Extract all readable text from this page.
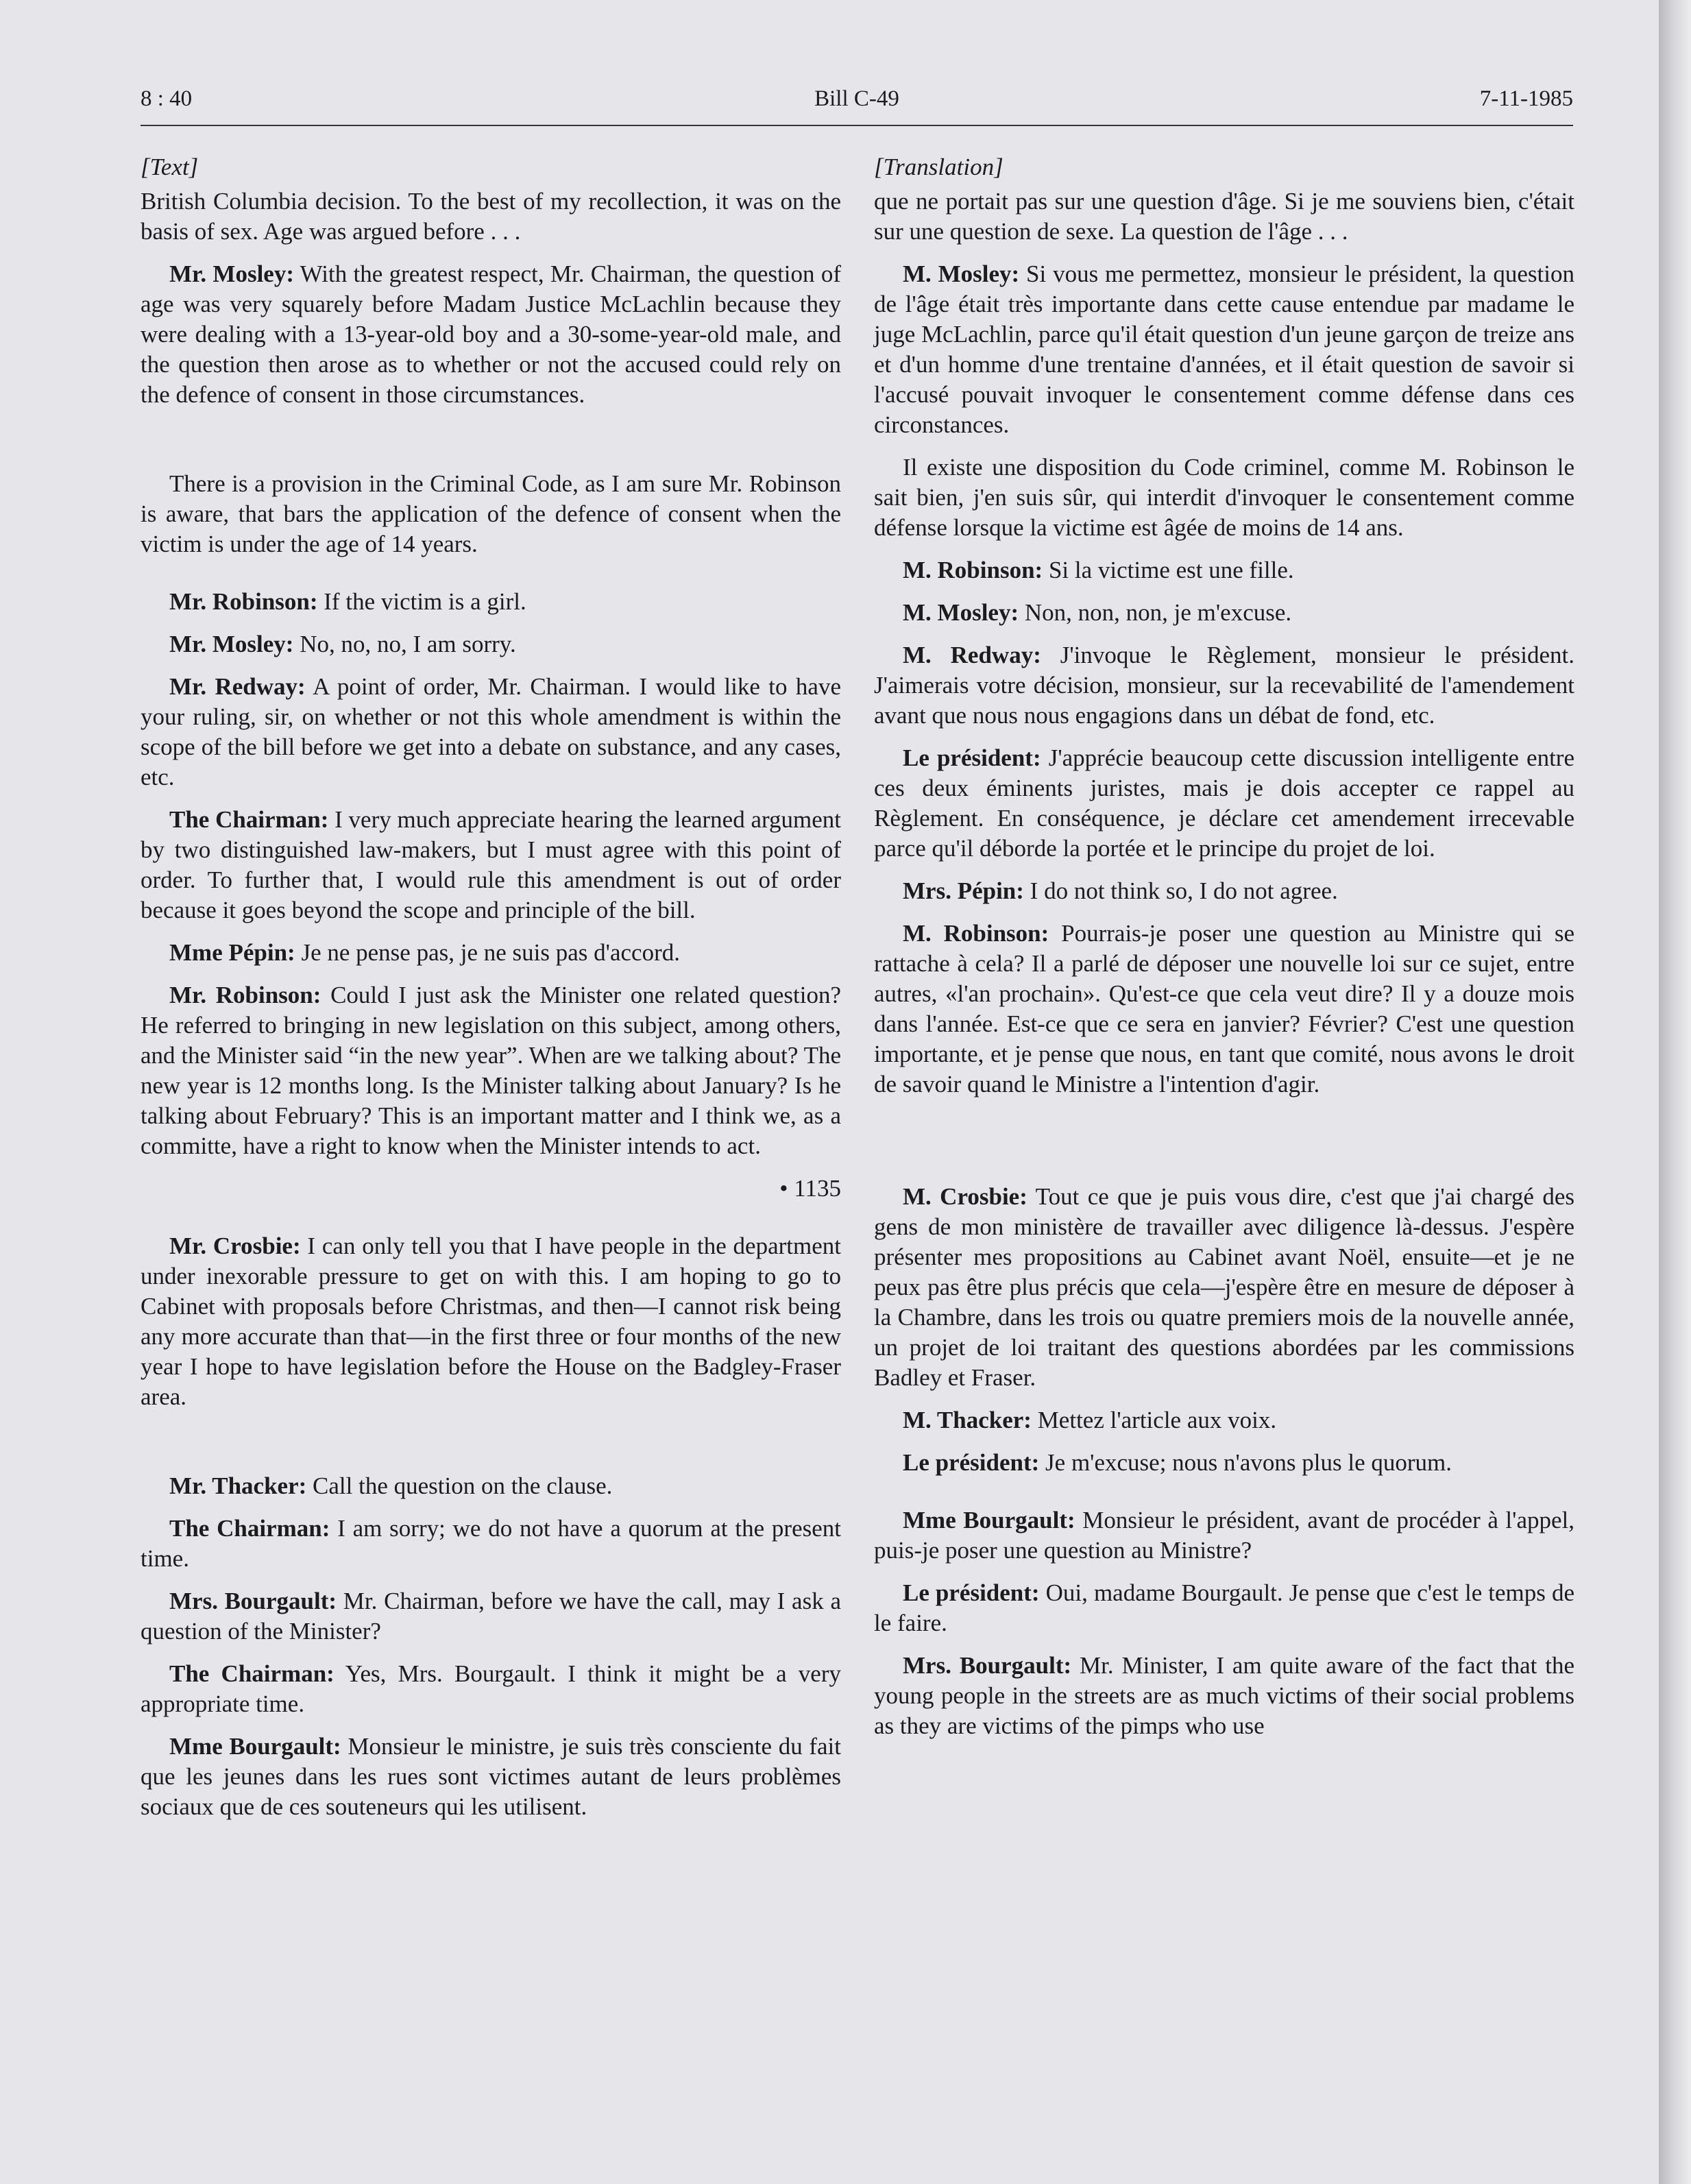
8 : 40	Bill C-49	7-11-1985

[Text]

British Columbia decision. To the best of my recollection, it was on the basis of sex. Age was argued before . . .

Mr. Mosley: With the greatest respect, Mr. Chairman, the question of age was very squarely before Madam Justice McLachlin because they were dealing with a 13-year-old boy and a 30-some-year-old male, and the question then arose as to whether or not the accused could rely on the defence of consent in those circumstances.

There is a provision in the Criminal Code, as I am sure Mr. Robinson is aware, that bars the application of the defence of consent when the victim is under the age of 14 years.

Mr. Robinson: If the victim is a girl.

Mr. Mosley: No, no, no, I am sorry.

Mr. Redway: A point of order, Mr. Chairman. I would like to have your ruling, sir, on whether or not this whole amendment is within the scope of the bill before we get into a debate on substance, and any cases, etc.

The Chairman: I very much appreciate hearing the learned argument by two distinguished law-makers, but I must agree with this point of order. To further that, I would rule this amendment is out of order because it goes beyond the scope and principle of the bill.

Mme Pépin: Je ne pense pas, je ne suis pas d'accord.

Mr. Robinson: Could I just ask the Minister one related question? He referred to bringing in new legislation on this subject, among others, and the Minister said “in the new year”. When are we talking about? The new year is 12 months long. Is the Minister talking about January? Is he talking about February? This is an important matter and I think we, as a committe, have a right to know when the Minister intends to act.

• 1135

Mr. Crosbie: I can only tell you that I have people in the department under inexorable pressure to get on with this. I am hoping to go to Cabinet with proposals before Christmas, and then—I cannot risk being any more accurate than that—in the first three or four months of the new year I hope to have legislation before the House on the Badgley-Fraser area.

Mr. Thacker: Call the question on the clause.

The Chairman: I am sorry; we do not have a quorum at the present time.

Mrs. Bourgault: Mr. Chairman, before we have the call, may I ask a question of the Minister?

The Chairman: Yes, Mrs. Bourgault. I think it might be a very appropriate time.

Mme Bourgault: Monsieur le ministre, je suis très consciente du fait que les jeunes dans les rues sont victimes autant de leurs problèmes sociaux que de ces souteneurs qui les utilisent.

[Translation]

que ne portait pas sur une question d'âge. Si je me souviens bien, c'était sur une question de sexe. La question de l'âge . . .

M. Mosley: Si vous me permettez, monsieur le président, la question de l'âge était très importante dans cette cause entendue par madame le juge McLachlin, parce qu'il était question d'un jeune garçon de treize ans et d'un homme d'une trentaine d'années, et il était question de savoir si l'accusé pouvait invoquer le consentement comme défense dans ces circonstances.

Il existe une disposition du Code criminel, comme M. Robinson le sait bien, j'en suis sûr, qui interdit d'invoquer le consentement comme défense lorsque la victime est âgée de moins de 14 ans.

M. Robinson: Si la victime est une fille.

M. Mosley: Non, non, non, je m'excuse.

M. Redway: J'invoque le Règlement, monsieur le président. J'aimerais votre décision, monsieur, sur la recevabilité de l'amendement avant que nous nous engagions dans un débat de fond, etc.

Le président: J'apprécie beaucoup cette discussion intelligente entre ces deux éminents juristes, mais je dois accepter ce rappel au Règlement. En conséquence, je déclare cet amendement irrecevable parce qu'il déborde la portée et le principe du projet de loi.

Mrs. Pépin: I do not think so, I do not agree.

M. Robinson: Pourrais-je poser une question au Ministre qui se rattache à cela? Il a parlé de déposer une nouvelle loi sur ce sujet, entre autres, «l'an prochain». Qu'est-ce que cela veut dire? Il y a douze mois dans l'année. Est-ce que ce sera en janvier? Février? C'est une question importante, et je pense que nous, en tant que comité, nous avons le droit de savoir quand le Ministre a l'intention d'agir.

M. Crosbie: Tout ce que je puis vous dire, c'est que j'ai chargé des gens de mon ministère de travailler avec diligence là-dessus. J'espère présenter mes propositions au Cabinet avant Noël, ensuite—et je ne peux pas être plus précis que cela—j'espère être en mesure de déposer à la Chambre, dans les trois ou quatre premiers mois de la nouvelle année, un projet de loi traitant des questions abordées par les commissions Badley et Fraser.

M. Thacker: Mettez l'article aux voix.

Le président: Je m'excuse; nous n'avons plus le quorum.

Mme Bourgault: Monsieur le président, avant de procéder à l'appel, puis-je poser une question au Ministre?

Le président: Oui, madame Bourgault. Je pense que c'est le temps de le faire.

Mrs. Bourgault: Mr. Minister, I am quite aware of the fact that the young people in the streets are as much victims of their social problems as they are victims of the pimps who use
